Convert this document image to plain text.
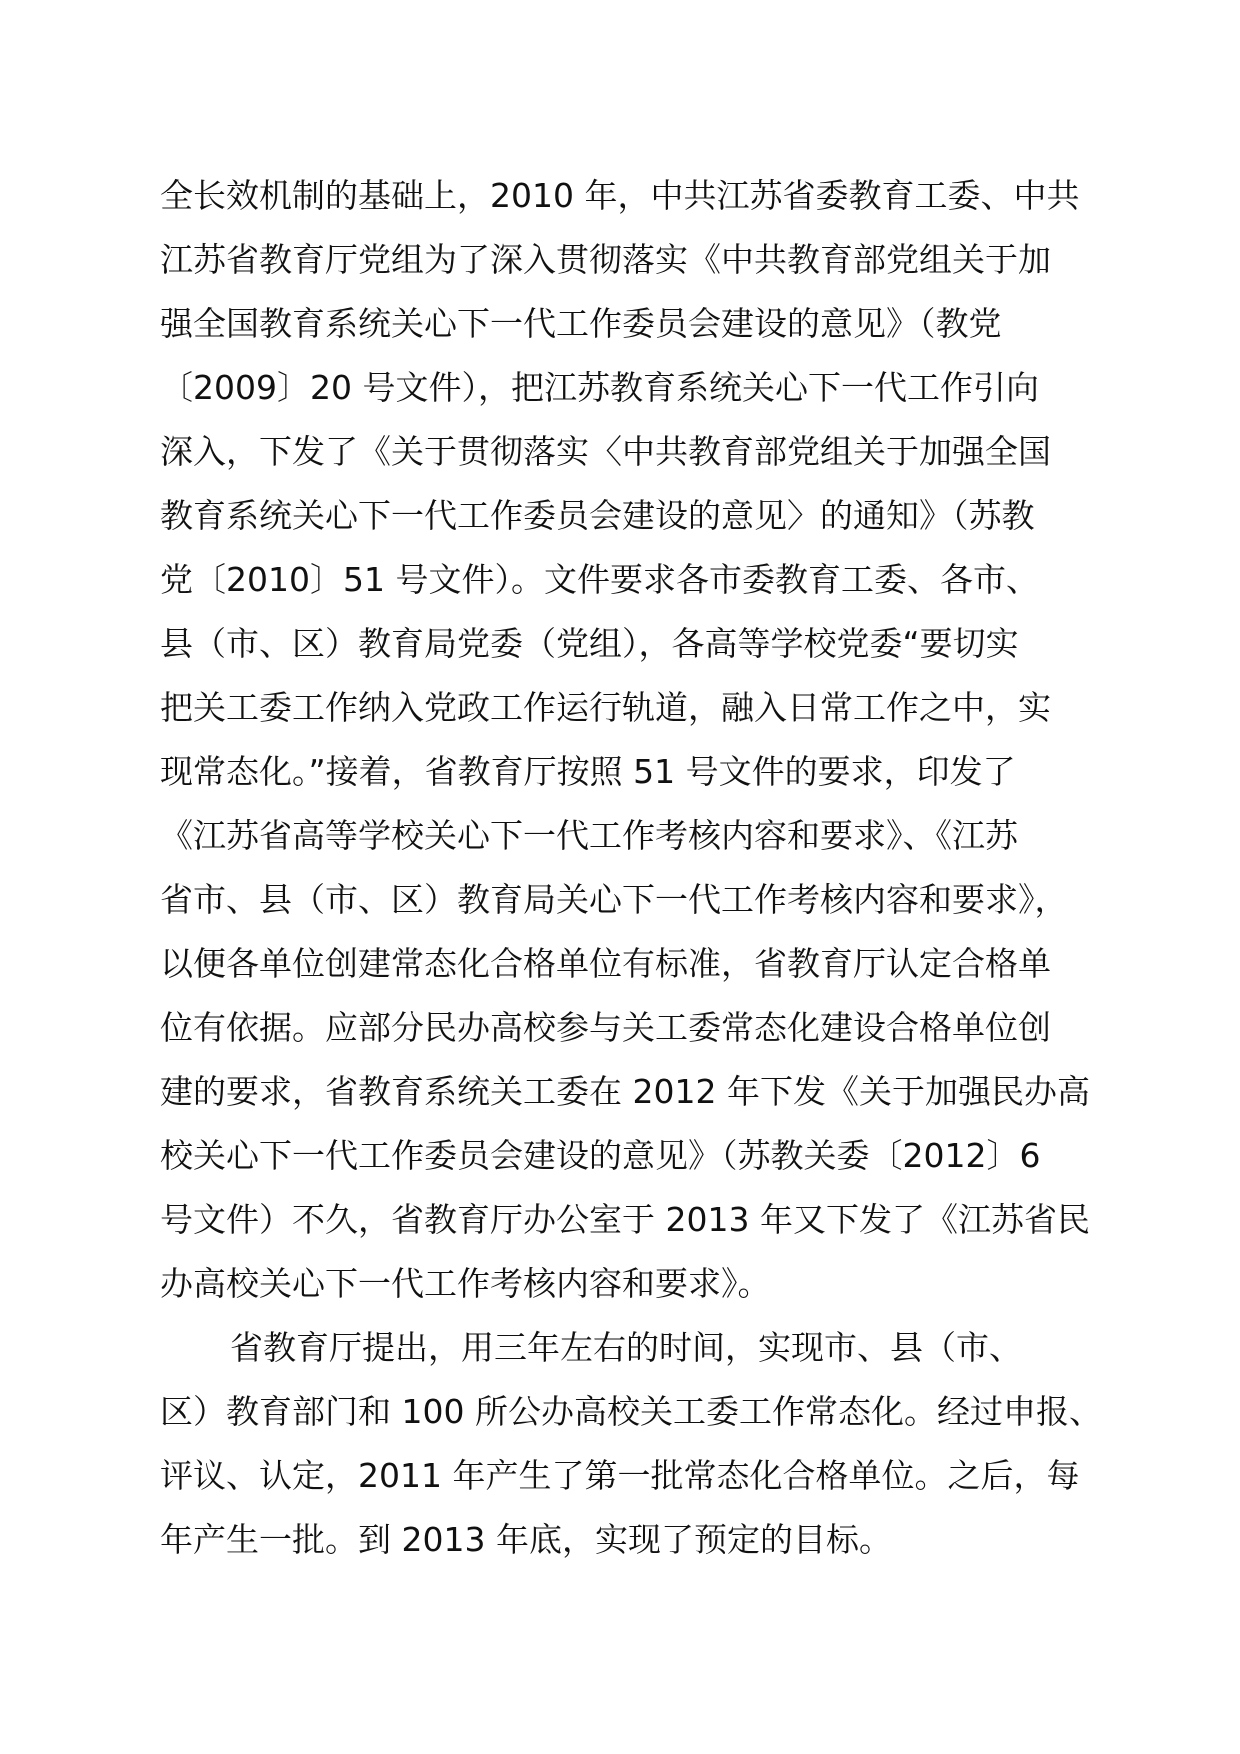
全长效机制的基础上，2010 年，中共江苏省委教育工委、中共
江苏省教育厅党组为了深入贯彻落实《中共教育部党组关于加
强全国教育系统关心下一代工作委员会建设的意见》（教党
〔2009〕20 号文件），把江苏教育系统关心下一代工作引向
深入，下发了《关于贯彻落实〈中共教育部党组关于加强全国
教育系统关心下一代工作委员会建设的意见〉的通知》（苏教
党〔2010〕51 号文件）。文件要求各市委教育工委、各市、
县（市、区）教育局党委（党组），各高等学校党委“要切实
把关工委工作纳入党政工作运行轨道，融入日常工作之中，实
现常态化。”接着，省教育厅按照 51 号文件的要求，印发了
《江苏省高等学校关心下一代工作考核内容和要求》、《江苏
省市、县（市、区）教育局关心下一代工作考核内容和要求》，
以便各单位创建常态化合格单位有标准，省教育厅认定合格单
位有依据。应部分民办高校参与关工委常态化建设合格单位创
建的要求，省教育系统关工委在 2012 年下发《关于加强民办高
校关心下一代工作委员会建设的意见》（苏教关委〔2012〕6
号文件）不久，省教育厅办公室于 2013 年又下发了《江苏省民
办高校关心下一代工作考核内容和要求》。
省教育厅提出，用三年左右的时间，实现市、县（市、
区）教育部门和 100 所公办高校关工委工作常态化。经过申报、
评议、认定，2011 年产生了第一批常态化合格单位。之后，每
年产生一批。到 2013 年底，实现了预定的目标。
